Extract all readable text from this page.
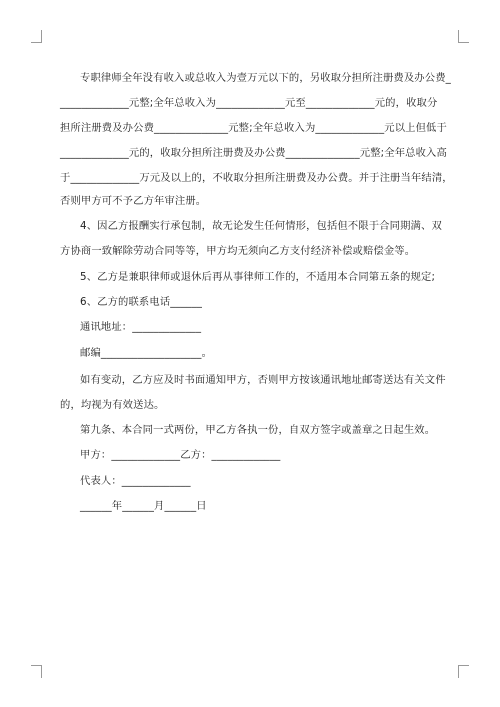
专职律师全年没有收入或总收入为壹万元以下的，另收取分担所注册费及办公费_
_____________元整;全年总收入为_____________元至_____________元的，收取分
担所注册费及办公费______________元整;全年总收入为_____________元以上但低于
_____________元的，收取分担所注册费及办公费______________元整;全年总收入高
于_____________万元及以上的，不收取分担所注册费及办公费。并于注册当年结清，
否则甲方可不予乙方年审注册。
4、因乙方报酬实行承包制，故无论发生任何情形，包括但不限于合同期满、双
方协商一致解除劳动合同等等，甲方均无须向乙方支付经济补偿或赔偿金等。
5、乙方是兼职律师或退休后再从事律师工作的，不适用本合同第五条的规定;
6、乙方的联系电话______
通讯地址：_____________
邮编___________________。
如有变动，乙方应及时书面通知甲方，否则甲方按该通讯地址邮寄送达有关文件
的，均视为有效送达。
第九条、本合同一式两份，甲乙方各执一份，自双方签字或盖章之日起生效。
甲方：_____________乙方：_____________
代表人：_____________
______年______月______日
